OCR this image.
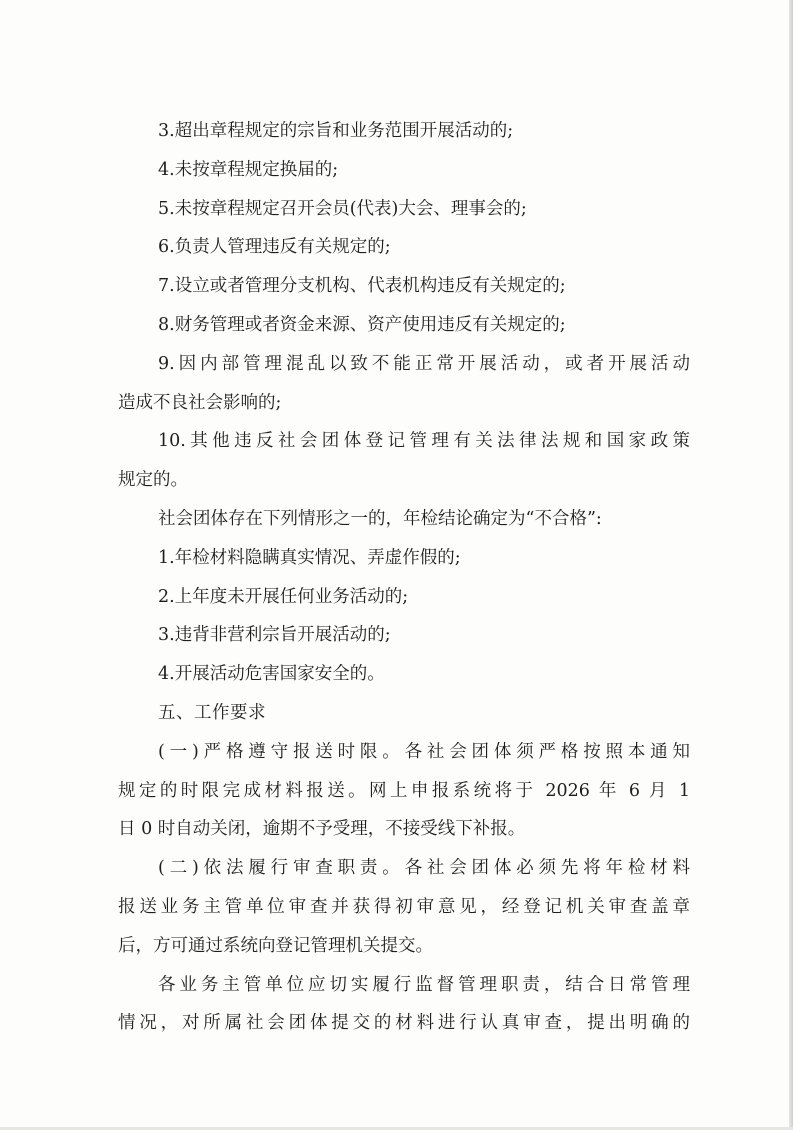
3.超出章程规定的宗旨和业务范围开展活动的;
4.未按章程规定换届的;
5.未按章程规定召开会员(代表)大会、理事会的;
6.负责人管理违反有关规定的;
7.设立或者管理分支机构、代表机构违反有关规定的;
8.财务管理或者资金来源、资产使用违反有关规定的;
9.因内部管理混乱以致不能正常开展活动，或者开展活动
造成不良社会影响的;
10.其他违反社会团体登记管理有关法律法规和国家政策
规定的。
社会团体存在下列情形之一的，年检结论确定为“不合格”:
1.年检材料隐瞒真实情况、弄虚作假的;
2.上年度未开展任何业务活动的;
3.违背非营利宗旨开展活动的;
4.开展活动危害国家安全的。
五、工作要求
(一)严格遵守报送时限。各社会团体须严格按照本通知
规定的时限完成材料报送。网上申报系统将于 2026 年 6 月 1
日 0 时自动关闭，逾期不予受理，不接受线下补报。
(二)依法履行审查职责。各社会团体必须先将年检材料
报送业务主管单位审查并获得初审意见，经登记机关审查盖章
后，方可通过系统向登记管理机关提交。
各业务主管单位应切实履行监督管理职责，结合日常管理
情况，对所属社会团体提交的材料进行认真审查，提出明确的
